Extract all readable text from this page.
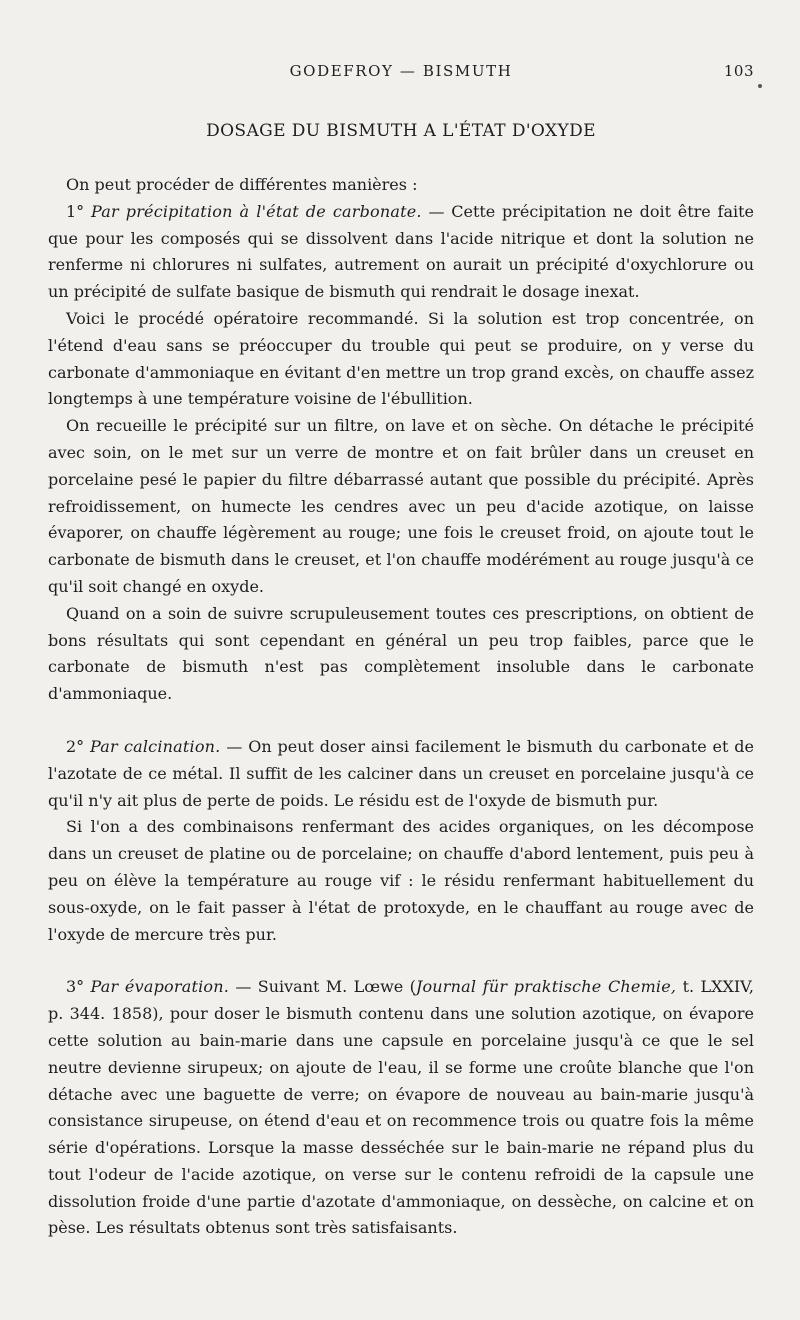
GODEFROY — BISMUTH	103
DOSAGE DU BISMUTH A L'ÉTAT D'OXYDE

On peut procéder de différentes manières :

1° Par précipitation à l'état de carbonate. — Cette précipitation ne doit être faite que pour les composés qui se dissolvent dans l'acide nitrique et dont la solution ne renferme ni chlorures ni sulfates, autrement on aurait un précipité d'oxychlorure ou un précipité de sulfate basique de bismuth qui rendrait le dosage inexat.

Voici le procédé opératoire recommandé. Si la solution est trop concentrée, on l'étend d'eau sans se préoccuper du trouble qui peut se produire, on y verse du carbonate d'ammoniaque en évitant d'en mettre un trop grand excès, on chauffe assez longtemps à une température voisine de l'ébullition.

On recueille le précipité sur un filtre, on lave et on sèche. On détache le précipité avec soin, on le met sur un verre de montre et on fait brûler dans un creuset en porcelaine pesé le papier du filtre débarrassé autant que possible du précipité. Après refroidissement, on humecte les cendres avec un peu d'acide azotique, on laisse évaporer, on chauffe légèrement au rouge; une fois le creuset froid, on ajoute tout le carbonate de bismuth dans le creuset, et l'on chauffe modérément au rouge jusqu'à ce qu'il soit changé en oxyde.

Quand on a soin de suivre scrupuleusement toutes ces prescriptions, on obtient de bons résultats qui sont cependant en général un peu trop faibles, parce que le carbonate de bismuth n'est pas complètement insoluble dans le carbonate d'ammoniaque.

2° Par calcination. — On peut doser ainsi facilement le bismuth du carbonate et de l'azotate de ce métal. Il suffit de les calciner dans un creuset en porcelaine jusqu'à ce qu'il n'y ait plus de perte de poids. Le résidu est de l'oxyde de bismuth pur.

Si l'on a des combinaisons renfermant des acides organiques, on les décompose dans un creuset de platine ou de porcelaine; on chauffe d'abord lentement, puis peu à peu on élève la température au rouge vif : le résidu renfermant habituellement du sous-oxyde, on le fait passer à l'état de protoxyde, en le chauffant au rouge avec de l'oxyde de mercure très pur.

3° Par évaporation. — Suivant M. Lœwe (Journal für praktische Chemie, t. LXXIV, p. 344. 1858), pour doser le bismuth contenu dans une solution azotique, on évapore cette solution au bain-marie dans une capsule en porcelaine jusqu'à ce que le sel neutre devienne sirupeux; on ajoute de l'eau, il se forme une croûte blanche que l'on détache avec une baguette de verre; on évapore de nouveau au bain-marie jusqu'à consistance sirupeuse, on étend d'eau et on recommence trois ou quatre fois la même série d'opérations. Lorsque la masse desséchée sur le bain-marie ne répand plus du tout l'odeur de l'acide azotique, on verse sur le contenu refroidi de la capsule une dissolution froide d'une partie d'azotate d'ammoniaque, on dessèche, on calcine et on pèse. Les résultats obtenus sont très satisfaisants.
